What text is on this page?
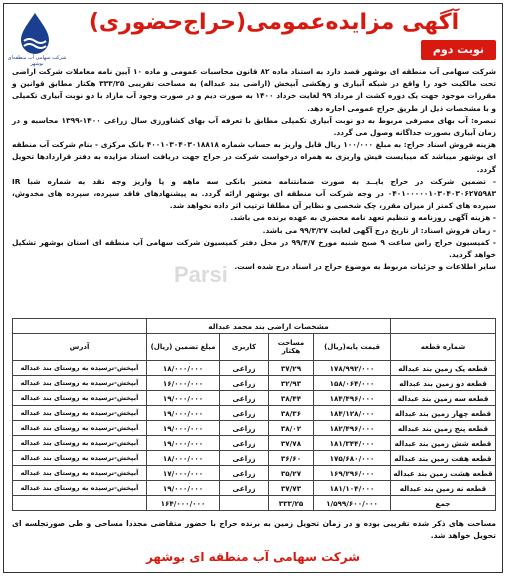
شرکت سهامی آب منطقه‌ای بوشهر
آگهی مزایده‌عمومی(حراج‌حضوری)
نوبت دوم

شرکت سهامی آب منطقه ای بوشهر قصد دارد به استناد ماده ۸۲ قانون محاسبات عمومی و ماده ۱۰ آیین نامه معاملات شرکت اراضی تحت مالکیت خود را واقع در شبکه آبیاری و زهکشی آبپخش (اراضی بند عبداله) به مساحت تقریبی ۳۳۳/۲۵ هکتار مطابق قوانین و مقررات موجود جهت یک دوره کشت از مرداد ۹۹ لغایت خرداد ۱۴۰۰ به صورت دیم و در صورت وجود آب مازاد با دو نوبت آبیاری تکمیلی و با مشخصات ذیل از طریق حراج عمومی اجاره دهد.

تبصره: آب بهای مصرفی مربوط به دو نوبت آبیاری تکمیلی مطابق با تعرفه آب بهای کشاورزی سال زراعی ۱۴۰۰-۱۳۹۹ محاسبه و در زمان آبیاری بصورت جداگانه وصول می گردد.

هزینه فروش اسناد حراج: به مبلغ ۱۰۰/۰۰۰ ریال قابل واریز به حساب شماره ۴۰۰۱۰۳۰۴۰۳۰۱۸۸۱۸ بانک مرکزی - بنام شرکت آب منطقه ای بوشهر میباشد که میبایست فیش واریزی به همراه درخواست شرکت در حراج جهت دریافت اسناد مزایده به دفتر قراردادها تحویل گردد.

- تضمین شرکت در حراج بایــد به صورت ضمانتنامه معتبر بانکی سه ماهه و یا واریز وجه نقد به شماره شبا IR ۰۴۰۱۰۰۰۰۰۱۰۳۰۴۰۳۰۶۲۷۵۹۸۳ در وجه شرکت آب منطقه ای بوشهر ارائه گردد. به پیشنهادهای فاقد سپرده، سپرده های مخدوش، سپرده های کمتر از میزان مقرر، چک شخصی و نظایر آن مطلقا ترتیب اثر داده نخواهد شد.

- هزینه آگهی روزنامه و تنظیم تعهد نامه محضری به عهده برنده می باشد.

- زمان فروش اسناد: از تاریخ درج آگهی لغایت ۹۹/۳/۲۷ می باشد.

- کمیسیون حراج راس ساعت ۹ صبح شنبه مورخ ۹۹/۴/۷ در محل دفتر کمیسیون شرکت سهامی آب منطقه ای استان بوشهر تشکیل خواهد گردید.

سایر اطلاعات و جزئیات مربوط به موضوع حراج در اسناد درج شده است.

Parsi
	مشخصات اراضی بند محمد عبداله				
شماره قطعه	قیمت پایه(ریال)	مساحت هکتار	کاربری	مبلغ تضمین (ریال)	آدرس
قطعه یک زمین بند عبداله	۱۷۸/۹۹۲/۰۰۰	۳۷/۲۹	زراعی	۱۸/۰۰۰/۰۰۰	آبپخش-نرسیده به روستای بند عبداله
قطعه دو زمین بند عبداله	۱۵۸/۰۶۴/۰۰۰	۳۲/۹۳	زراعی	۱۶/۰۰۰/۰۰۰	آبپخش-نرسیده به روستای بند عبداله
قطعه سه زمین بند عبداله	۱۸۴/۴۹۶/۰۰۰	۳۸/۴۴	زراعی	۱۹/۰۰۰/۰۰۰	آبپخش-نرسیده به روستای بند عبداله
قطعه چهار زمین بند عبداله	۱۸۴/۱۲۸/۰۰۰	۳۸/۳۶	زراعی	۱۹/۰۰۰/۰۰۰	آبپخش-نرسیده به روستای بند عبداله
قطعه پنج زمین بند عبداله	۱۸۲/۴۹۶/۰۰۰	۳۸/۰۲	زراعی	۱۹/۰۰۰/۰۰۰	آبپخش-نرسیده به روستای بند عبداله
قطعه شش زمین بند عبداله	۱۸۱/۳۴۴/۰۰۰	۳۷/۷۸	زراعی	۱۹/۰۰۰/۰۰۰	آبپخش-نرسیده به روستای بند عبداله
قطعه هفت زمین بند عبداله	۱۷۵/۶۸۰/۰۰۰	۳۶/۶۰	زراعی	۱۸/۰۰۰/۰۰۰	آبپخش-نرسیده به روستای بند عبداله
قطعه هشت زمین بند عبداله	۱۶۹/۲۹۶/۰۰۰	۳۵/۲۷	زراعی	۱۷/۰۰۰/۰۰۰	آبپخش-نرسیده به روستای بند عبداله
قطعه نه زمین بند عبداله	۱۸۱/۱۰۴/۰۰۰	۳۷/۷۳	زراعی	۱۹/۰۰۰/۰۰۰	آبپخش-نرسیده به روستای بند عبداله
جمع	۱/۵۹۹/۶۰۰/۰۰۰	۳۳۳/۲۵		۱۶۴/۰۰۰/۰۰۰	
مساحت های ذکر شده تقریبی بوده و در زمان تحویل زمین به برنده حراج با حضور متقاضی مجددا مساحی و طی صورتجلسه ای تحویل خواهد شد.
شرکت سهامی آب منطقه ای بوشهر
